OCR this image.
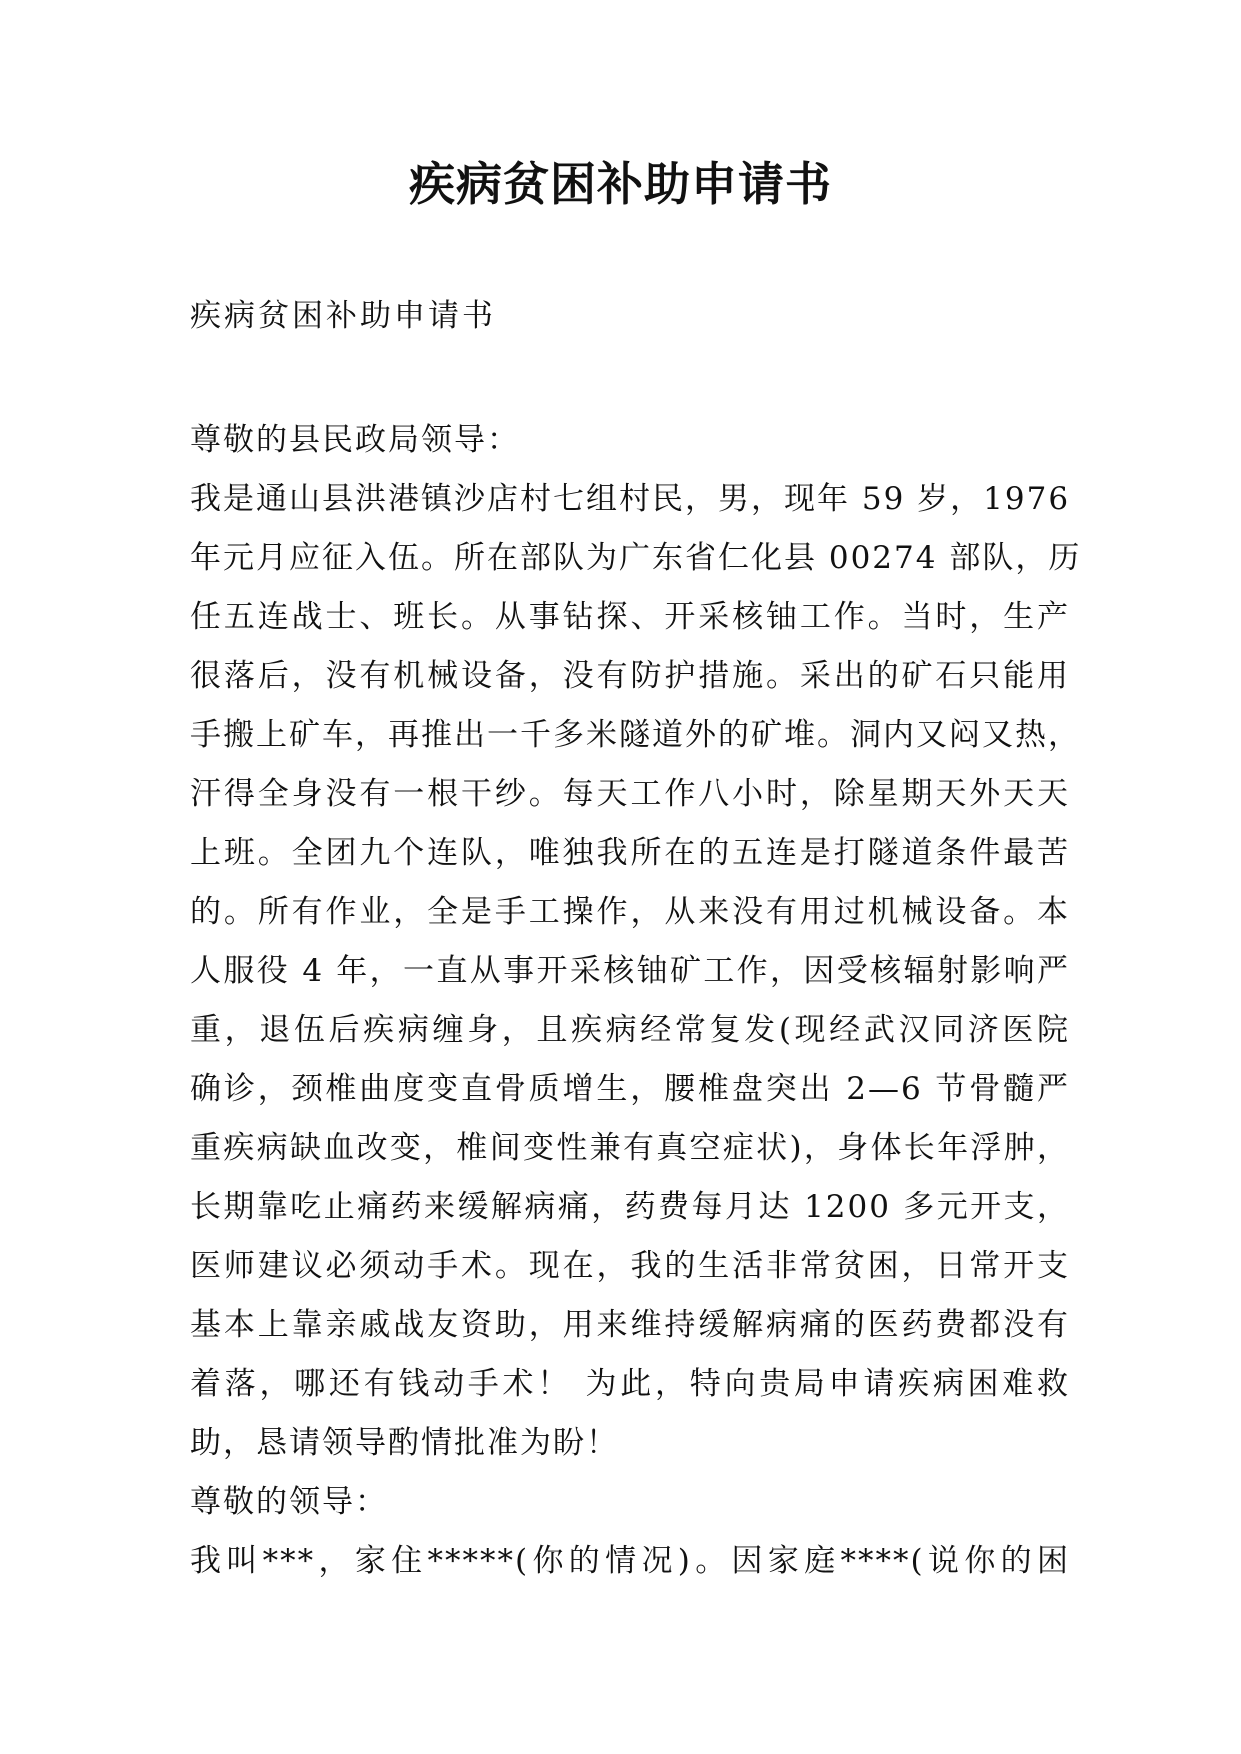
疾病贫困补助申请书

疾病贫困补助申请书

尊敬的县民政局领导：
我是通山县洪港镇沙店村七组村民，男，现年 59 岁，1976
年元月应征入伍。所在部队为广东省仁化县 00274 部队，历
任五连战士、班长。从事钻探、开采核铀工作。当时，生产
很落后，没有机械设备，没有防护措施。采出的矿石只能用
手搬上矿车，再推出一千多米隧道外的矿堆。洞内又闷又热，
汗得全身没有一根干纱。每天工作八小时，除星期天外天天
上班。全团九个连队，唯独我所在的五连是打隧道条件最苦
的。所有作业，全是手工操作，从来没有用过机械设备。本
人服役 4 年，一直从事开采核铀矿工作，因受核辐射影响严
重，退伍后疾病缠身，且疾病经常复发(现经武汉同济医院
确诊，颈椎曲度变直骨质增生，腰椎盘突出 2—6 节骨髓严
重疾病缺血改变，椎间变性兼有真空症状)，身体长年浮肿，
长期靠吃止痛药来缓解病痛，药费每月达 1200 多元开支，
医师建议必须动手术。现在，我的生活非常贫困，日常开支
基本上靠亲戚战友资助，用来维持缓解病痛的医药费都没有
着落，哪还有钱动手术！ 为此，特向贵局申请疾病困难救
助，恳请领导酌情批准为盼！
尊敬的领导：
我叫***，家住*****(你的情况)。因家庭****(说你的困
